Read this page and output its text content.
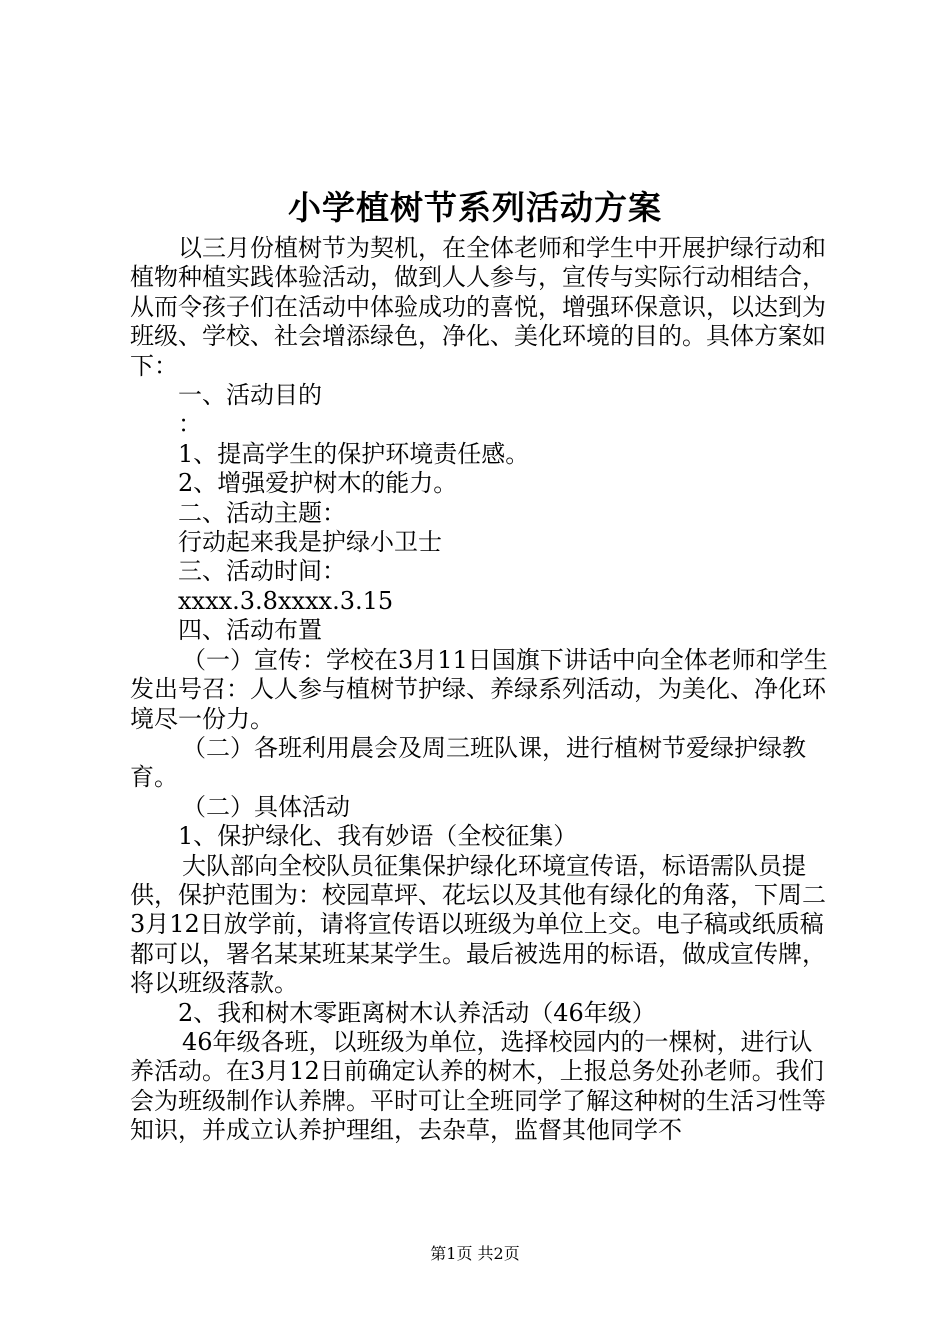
小学植树节系列活动方案

以三月份植树节为契机，在全体老师和学生中开展护绿行动和植物种植实践体验活动，做到人人参与，宣传与实际行动相结合，从而令孩子们在活动中体验成功的喜悦，增强环保意识，以达到为班级、学校、社会增添绿色，净化、美化环境的目的。具体方案如下：

一、活动目的

：

1、提高学生的保护环境责任感。

2、增强爱护树木的能力。

二、活动主题：

行动起来我是护绿小卫士

三、活动时间：

xxxx.3.8xxxx.3.15

四、活动布置

（一）宣传：学校在3月11日国旗下讲话中向全体老师和学生发出号召：人人参与植树节护绿、养绿系列活动，为美化、净化环境尽一份力。

（二）各班利用晨会及周三班队课，进行植树节爱绿护绿教育。

（二）具体活动

1、保护绿化、我有妙语（全校征集）

大队部向全校队员征集保护绿化环境宣传语，标语需队员提供，保护范围为：校园草坪、花坛以及其他有绿化的角落，下周二3月12日放学前，请将宣传语以班级为单位上交。电子稿或纸质稿都可以，署名某某班某某学生。最后被选用的标语，做成宣传牌，将以班级落款。

2、我和树木零距离树木认养活动（46年级）

46年级各班，以班级为单位，选择校园内的一棵树，进行认养活动。在3月12日前确定认养的树木，上报总务处孙老师。我们会为班级制作认养牌。平时可让全班同学了解这种树的生活习性等知识，并成立认养护理组，去杂草，监督其他同学不

第1页 共2页
